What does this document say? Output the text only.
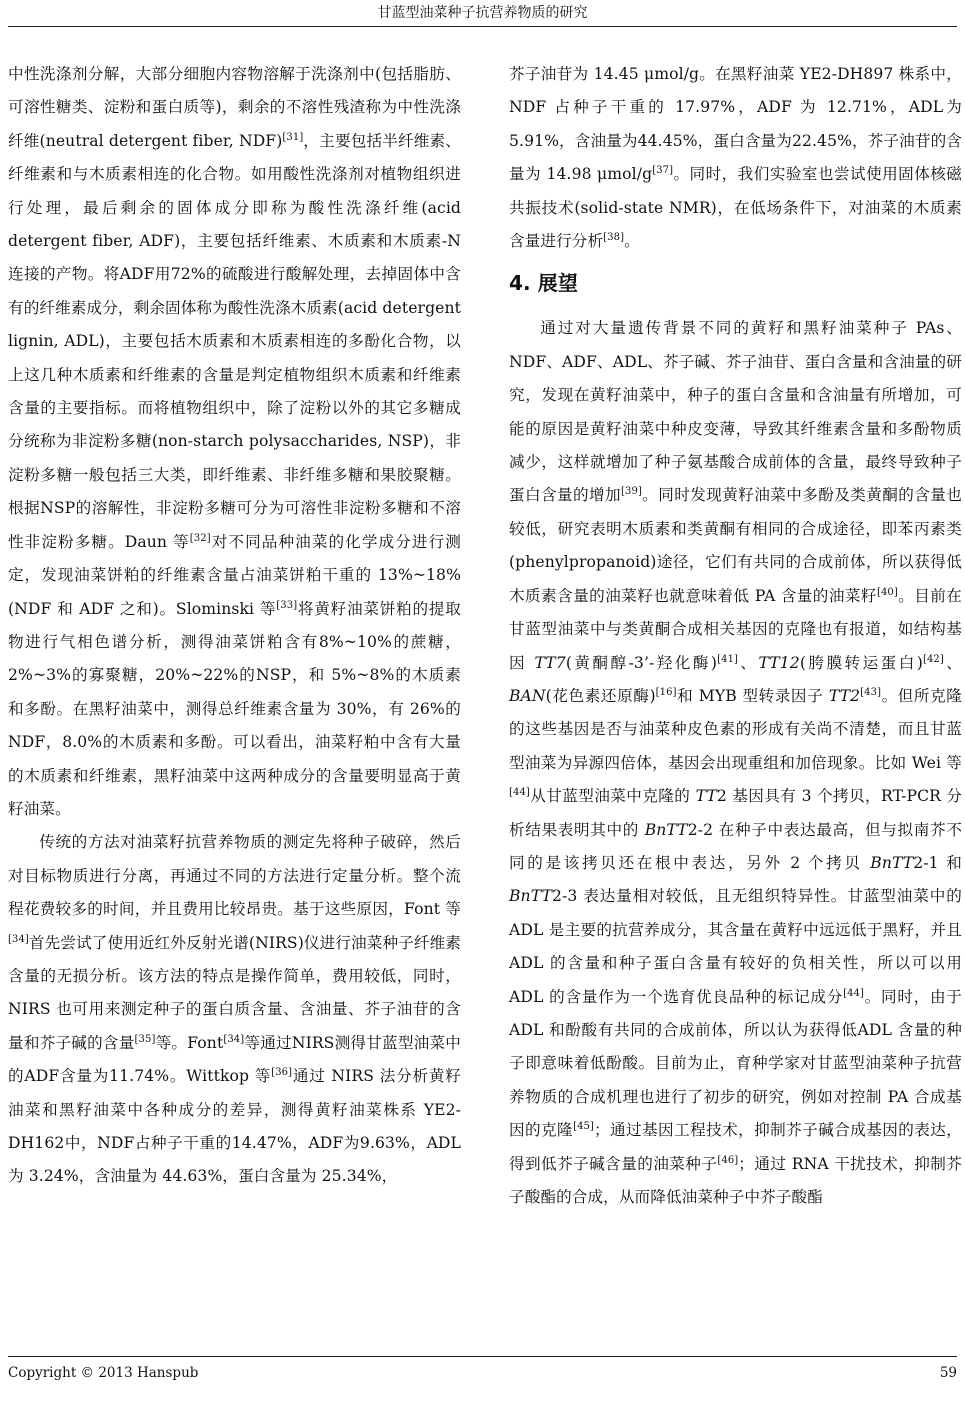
甘蓝型油菜种子抗营养物质的研究

中性洗涤剂分解，大部分细胞内容物溶解于洗涤剂中(包括脂肪、可溶性糖类、淀粉和蛋白质等)，剩余的不溶性残渣称为中性洗涤纤维(neutral detergent fiber, NDF)[31]，主要包括半纤维素、纤维素和与木质素相连的化合物。如用酸性洗涤剂对植物组织进行处理，最后剩余的固体成分即称为酸性洗涤纤维(acid detergent fiber, ADF)，主要包括纤维素、木质素和木质素-N连接的产物。将ADF用72%的硫酸进行酸解处理，去掉固体中含有的纤维素成分，剩余固体称为酸性洗涤木质素(acid detergent lignin, ADL)，主要包括木质素和木质素相连的多酚化合物，以上这几种木质素和纤维素的含量是判定植物组织木质素和纤维素含量的主要指标。而将植物组织中，除了淀粉以外的其它多糖成分统称为非淀粉多糖(non-starch polysaccharides, NSP)，非淀粉多糖一般包括三大类，即纤维素、非纤维多糖和果胶聚糖。根据NSP的溶解性，非淀粉多糖可分为可溶性非淀粉多糖和不溶性非淀粉多糖。Daun 等[32]对不同品种油菜的化学成分进行测定，发现油菜饼粕的纤维素含量占油菜饼粕干重的 13%~18%(NDF 和 ADF 之和)。Slominski 等[33]将黄籽油菜饼粕的提取物进行气相色谱分析，测得油菜饼粕含有8%~10%的蔗糖，2%~3%的寡聚糖，20%~22%的NSP，和 5%~8%的木质素和多酚。在黑籽油菜中，测得总纤维素含量为 30%，有 26%的 NDF，8.0%的木质素和多酚。可以看出，油菜籽粕中含有大量的木质素和纤维素，黑籽油菜中这两种成分的含量要明显高于黄籽油菜。

传统的方法对油菜籽抗营养物质的测定先将种子破碎，然后对目标物质进行分离，再通过不同的方法进行定量分析。整个流程花费较多的时间，并且费用比较昂贵。基于这些原因，Font 等[34]首先尝试了使用近红外反射光谱(NIRS)仪进行油菜种子纤维素含量的无损分析。该方法的特点是操作简单，费用较低，同时，NIRS 也可用来测定种子的蛋白质含量、含油量、芥子油苷的含量和芥子碱的含量[35]等。Font[34]等通过NIRS测得甘蓝型油菜中的ADF含量为11.74%。Wittkop 等[36]通过 NIRS 法分析黄籽油菜和黑籽油菜中各种成分的差异，测得黄籽油菜株系 YE2-DH162中，NDF占种子干重的14.47%，ADF为9.63%，ADL为 3.24%，含油量为 44.63%，蛋白含量为 25.34%，

芥子油苷为 14.45 μmol/g。在黑籽油菜 YE2-DH897 株系中，NDF 占种子干重的 17.97%，ADF 为 12.71%，ADL为5.91%，含油量为44.45%，蛋白含量为22.45%，芥子油苷的含量为 14.98 μmol/g[37]。同时，我们实验室也尝试使用固体核磁共振技术(solid-state NMR)，在低场条件下，对油菜的木质素含量进行分析[38]。

4. 展望

通过对大量遗传背景不同的黄籽和黑籽油菜种子 PAs、NDF、ADF、ADL、芥子碱、芥子油苷、蛋白含量和含油量的研究，发现在黄籽油菜中，种子的蛋白含量和含油量有所增加，可能的原因是黄籽油菜中种皮变薄，导致其纤维素含量和多酚物质减少，这样就增加了种子氨基酸合成前体的含量，最终导致种子蛋白含量的增加[39]。同时发现黄籽油菜中多酚及类黄酮的含量也较低，研究表明木质素和类黄酮有相同的合成途径，即苯丙素类(phenylpropanoid)途径，它们有共同的合成前体，所以获得低木质素含量的油菜籽也就意味着低 PA 含量的油菜籽[40]。目前在甘蓝型油菜中与类黄酮合成相关基因的克隆也有报道，如结构基因 TT7(黄酮醇-3’-羟化酶)[41]、TT12(胯膜转运蛋白)[42]、BAN(花色素还原酶)[16]和 MYB 型转录因子 TT2[43]。但所克隆的这些基因是否与油菜种皮色素的形成有关尚不清楚，而且甘蓝型油菜为异源四倍体，基因会出现重组和加倍现象。比如 Wei 等[44]从甘蓝型油菜中克隆的 TT2 基因具有 3 个拷贝，RT-PCR 分析结果表明其中的 BnTT2-2 在种子中表达最高，但与拟南芥不同的是该拷贝还在根中表达，另外 2 个拷贝 BnTT2-1 和 BnTT2-3 表达量相对较低，且无组织特异性。甘蓝型油菜中的 ADL 是主要的抗营养成分，其含量在黄籽中远远低于黑籽，并且 ADL 的含量和种子蛋白含量有较好的负相关性，所以可以用 ADL 的含量作为一个选育优良品种的标记成分[44]。同时，由于 ADL 和酚酸有共同的合成前体，所以认为获得低ADL 含量的种子即意味着低酚酸。目前为止，育种学家对甘蓝型油菜种子抗营养物质的合成机理也进行了初步的研究，例如对控制 PA 合成基因的克隆[45]；通过基因工程技术，抑制芥子碱合成基因的表达，得到低芥子碱含量的油菜种子[46]；通过 RNA 干扰技术，抑制芥子酸酯的合成，从而降低油菜种子中芥子酸酯

Copyright © 2013 Hanspub	59
